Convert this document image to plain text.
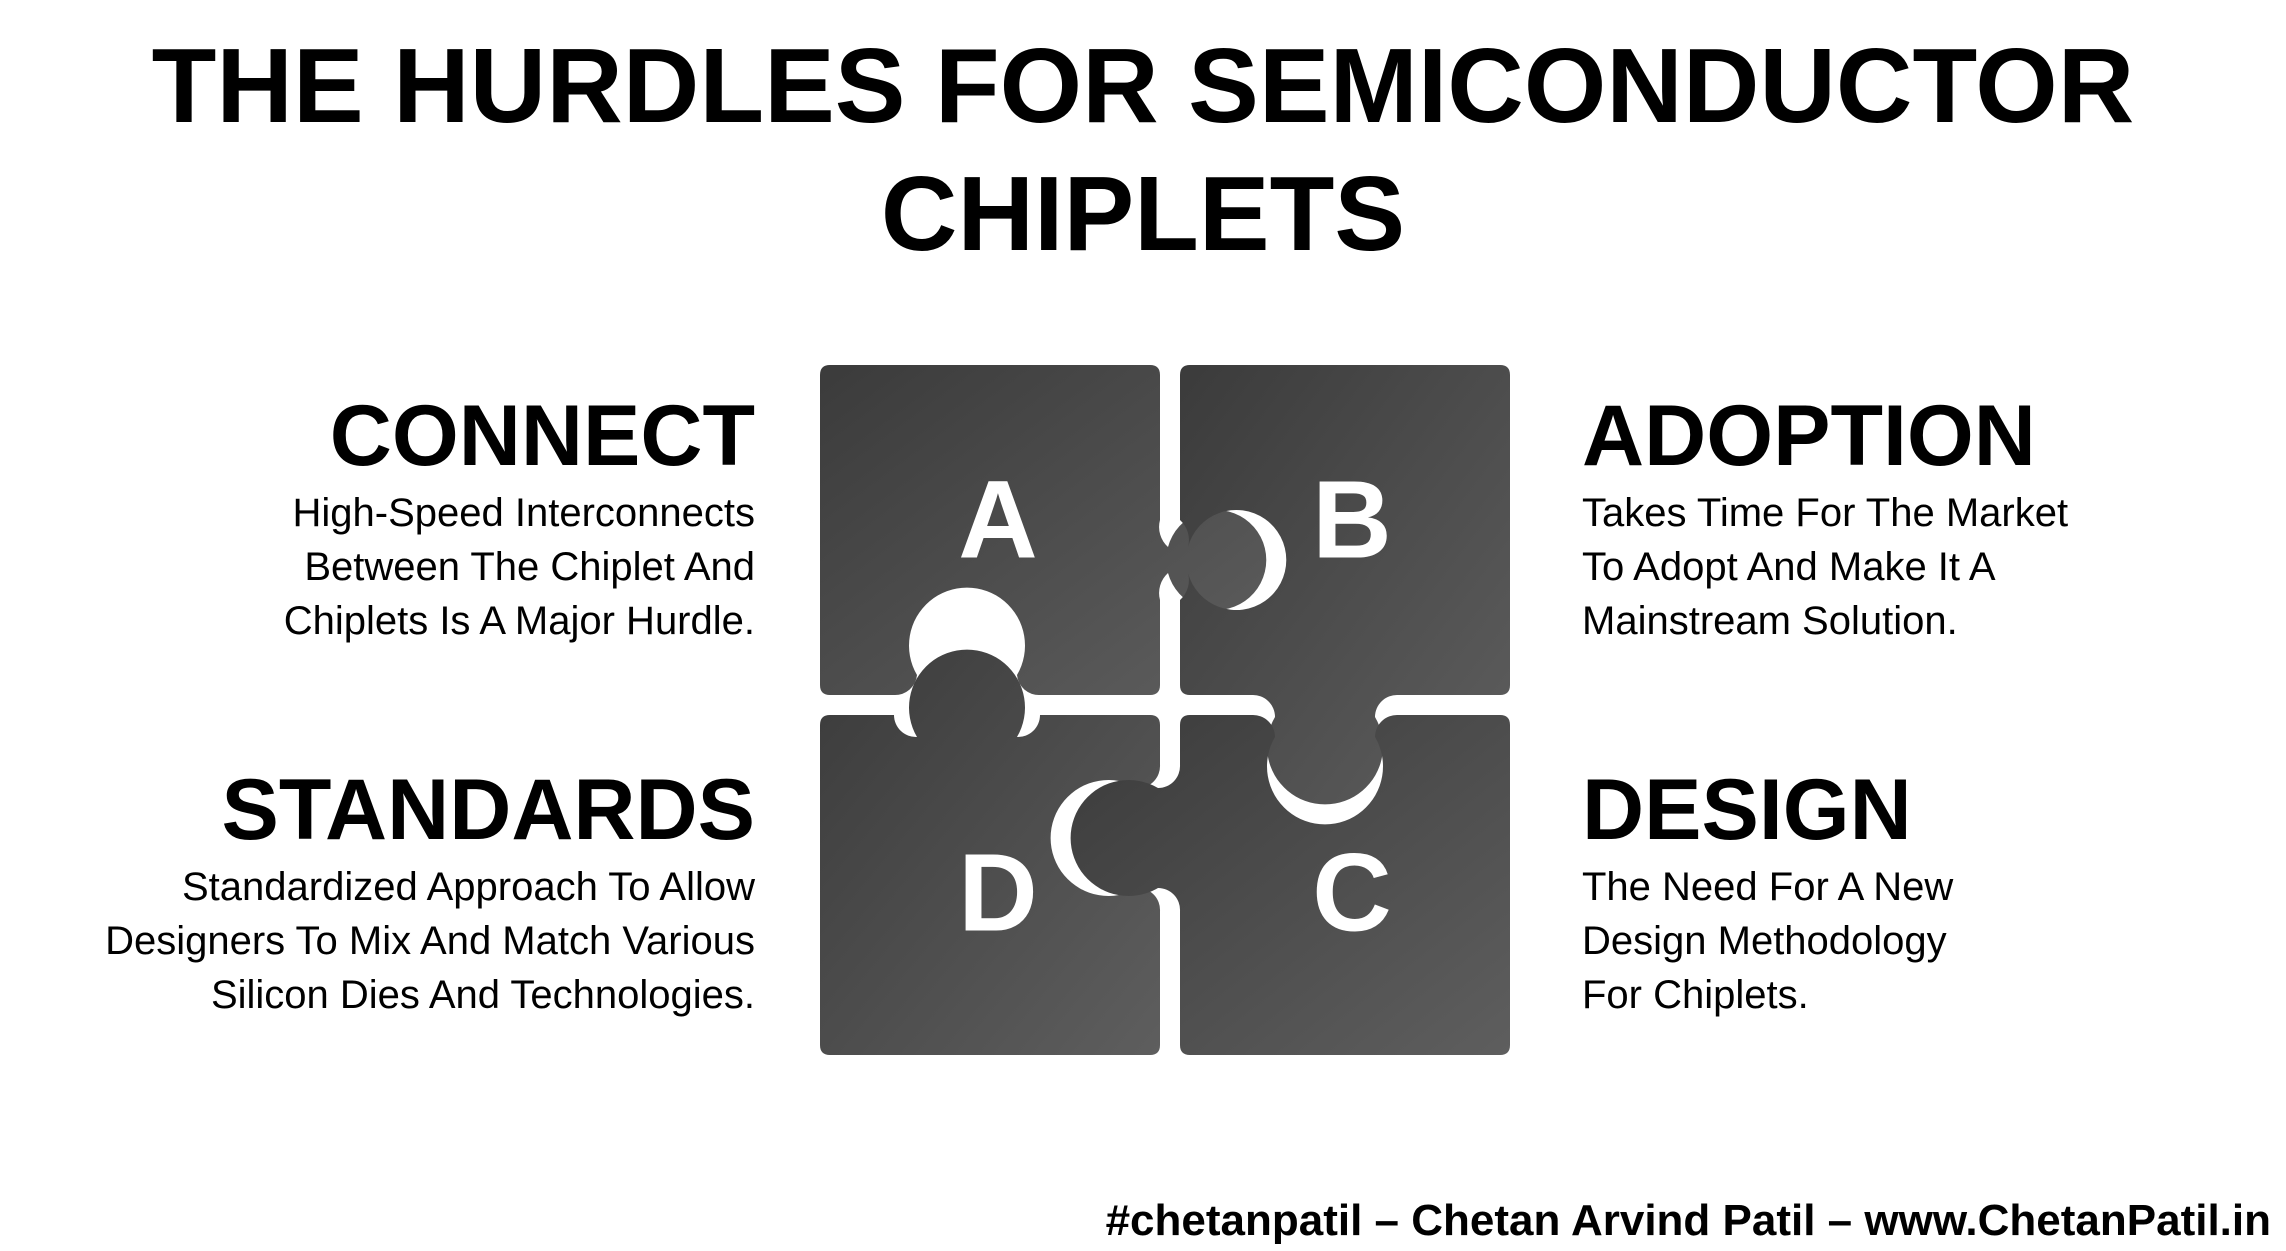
THE HURDLES FOR SEMICONDUCTOR
CHIPLETS
CONNECT

High-Speed Interconnects
Between The Chiplet And
Chiplets Is A Major Hurdle.

STANDARDS

Standardized Approach To Allow
Designers To Mix And Match Various
Silicon Dies And Technologies.

ADOPTION

Takes Time For The Market
To Adopt And Make It A
Mainstream Solution.

DESIGN

The Need For A New
Design Methodology
For Chiplets.

A B
D C
#chetanpatil – Chetan Arvind Patil – www.ChetanPatil.in
